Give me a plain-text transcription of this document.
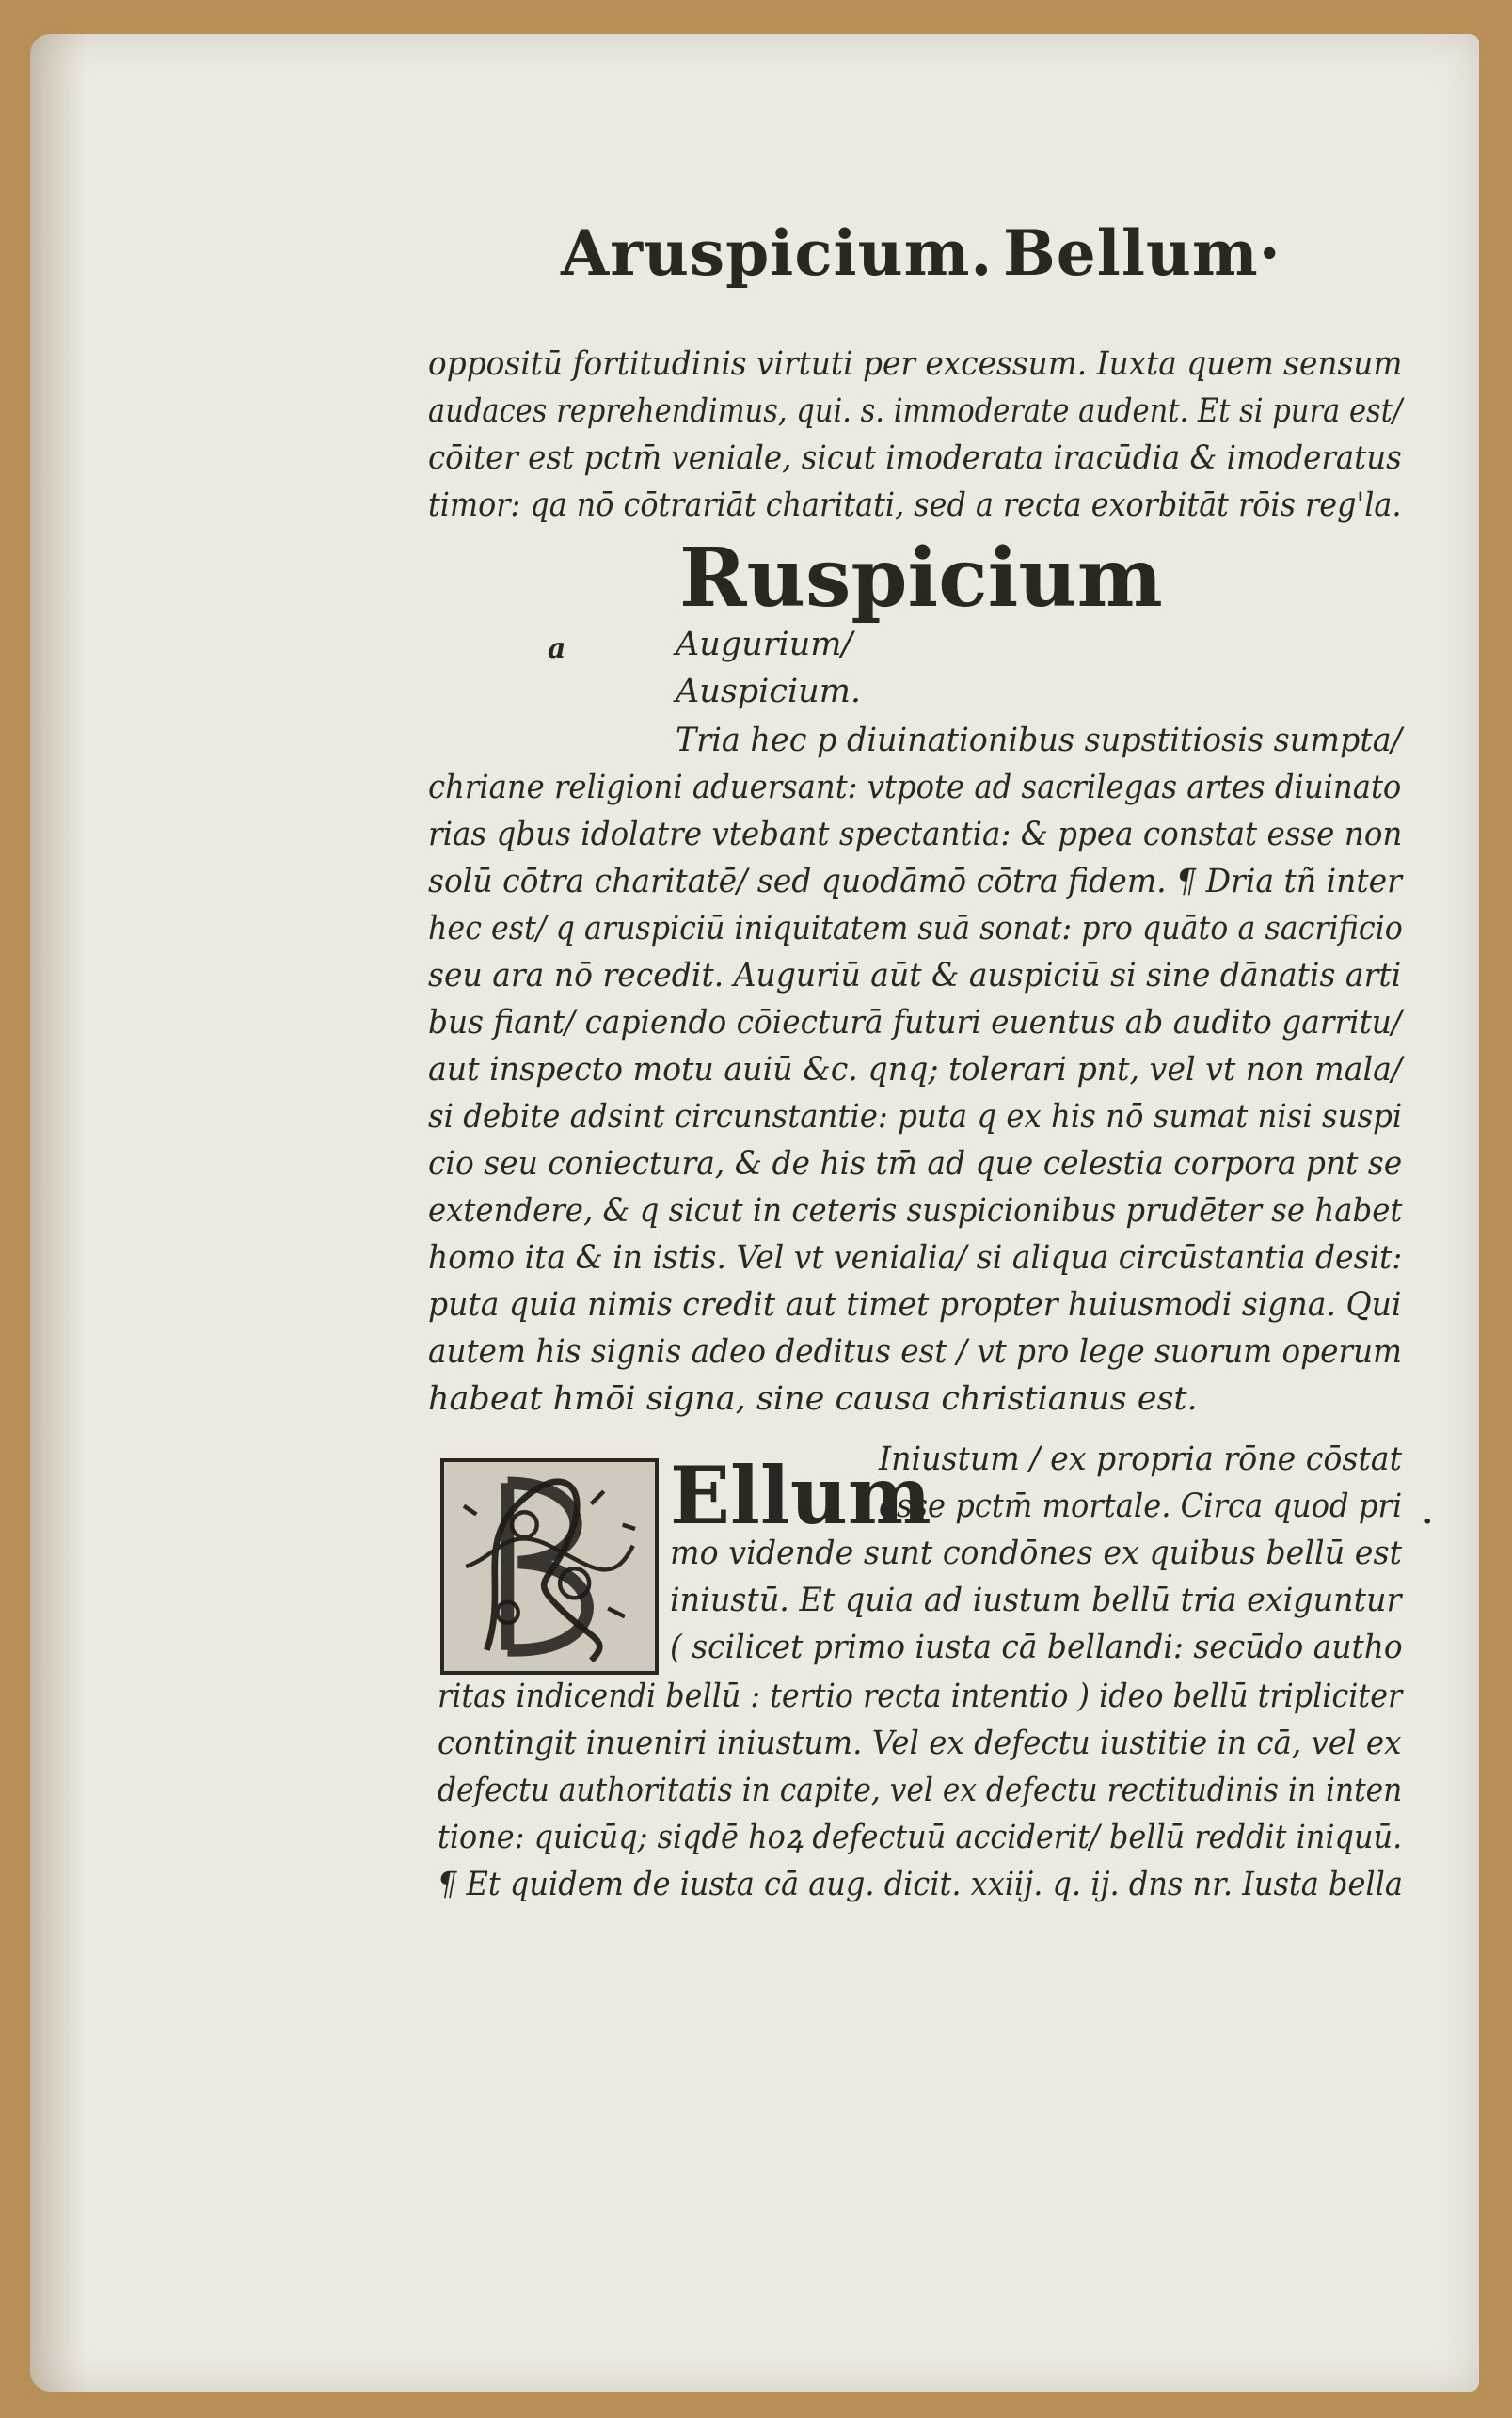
Aruspicium. Bellum·
oppositū fortitudinis virtuti per excessum. Iuxta quem sensum
audaces reprehendimus, qui. s. immoderate audent. Et si pura est/
cōiter est pctm̄ veniale, sicut imoderata iracūdia & imoderatus
timor: qa nō cōtrariāt charitati, sed a recta exorbitāt rōis reg'la.
Ruspicium
a	Augurium/
Auspicium.
Tria hec p diuinationibus supstitiosis sumpta/
chriane religioni aduersant: vtpote ad sacrilegas artes diuinato
rias qbus idolatre vtebant spectantia: & ppea constat esse non
solū cōtra charitatē/ sed quodāmō cōtra fidem. ¶ Dria tñ inter
hec est/ q aruspiciū iniquitatem suā sonat: pro quāto a sacrificio
seu ara nō recedit. Auguriū aūt & auspiciū si sine dānatis arti
bus fiant/ capiendo cōiecturā futuri euentus ab audito garritu/
aut inspecto motu auiū &c. qnq; tolerari pnt, vel vt non mala/
si debite adsint circunstantie: puta q ex his nō sumat nisi suspi
cio seu coniectura, & de his tm̄ ad que celestia corpora pnt se
extendere, & q sicut in ceteris suspicionibus prudēter se habet
homo ita & in istis. Vel vt venialia/ si aliqua circūstantia desit:
puta quia nimis credit aut timet propter huiusmodi signa. Qui
autem his signis adeo deditus est / vt pro lege suorum operum
habeat hmōi signa, sine causa christianus est.
Ellum	·
Iniustum / ex propria rōne cōstat
esse pctm̄ mortale. Circa quod pri
mo vidende sunt condōnes ex quibus bellū est
iniustū. Et quia ad iustum bellū tria exiguntur
( scilicet primo iusta cā bellandi: secūdo autho
ritas indicendi bellū : tertio recta intentio ) ideo bellū tripliciter
contingit inueniri iniustum. Vel ex defectu iustitie in cā, vel ex
defectu authoritatis in capite, vel ex defectu rectitudinis in inten
tione: quicūq; siqdē hoꝝ defectuū acciderit/ bellū reddit iniquū.
¶ Et quidem de iusta cā aug. dicit. xxiij. q. ij. dns nr. Iusta bella
